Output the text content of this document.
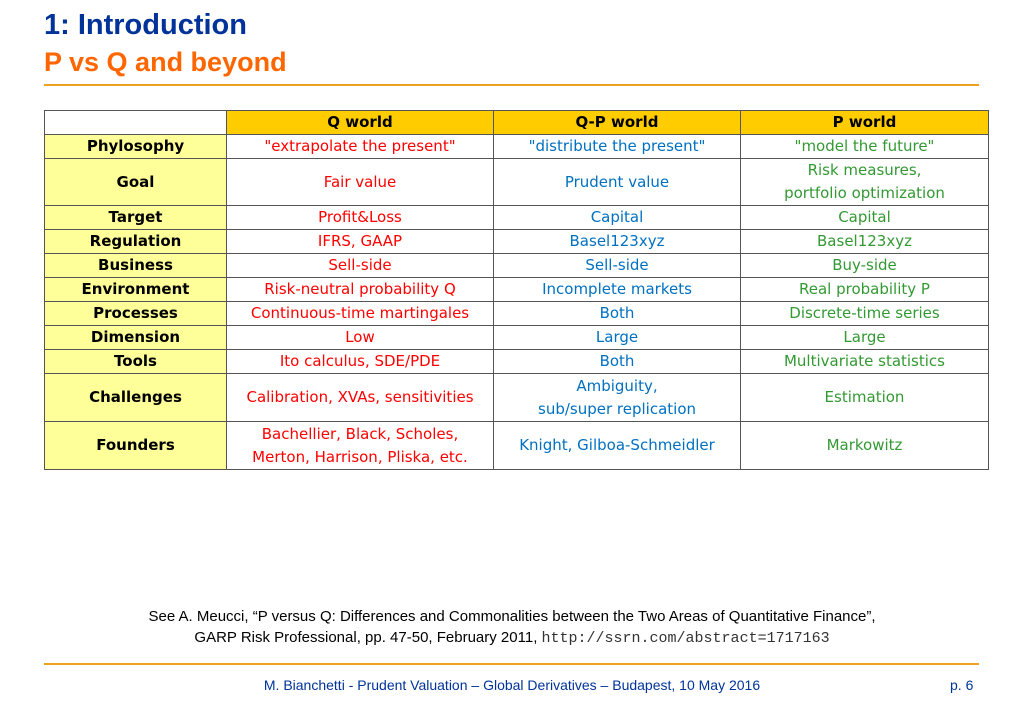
1: Introduction
P vs Q and beyond
	Q world	Q-P world	P world
Phylosophy	"extrapolate the present"	"distribute the present"	"model the future"

Goal	Fair value	Prudent value	Risk measures,
portfolio optimization

Target	Profit&Loss	Capital	Capital

Regulation	IFRS, GAAP	Basel123xyz	Basel123xyz

Business	Sell-side	Sell-side	Buy-side

Environment	Risk-neutral probability Q	Incomplete markets	Real probability P

Processes	Continuous-time martingales	Both	Discrete-time series

Dimension	Low	Large	Large

Tools	Ito calculus, SDE/PDE	Both	Multivariate statistics

Challenges	Calibration, XVAs, sensitivities	Ambiguity,
sub/super replication	Estimation

Founders	Bachellier, Black, Scholes,
Merton, Harrison, Pliska, etc.	Knight, Gilboa-Schmeidler	Markowitz
See A. Meucci, “P versus Q: Differences and Commonalities between the Two Areas of Quantitative Finance”,
GARP Risk Professional, pp. 47-50, February 2011, http://ssrn.com/abstract=1717163
M. Bianchetti - Prudent Valuation – Global Derivatives – Budapest, 10 May 2016	p. 6
